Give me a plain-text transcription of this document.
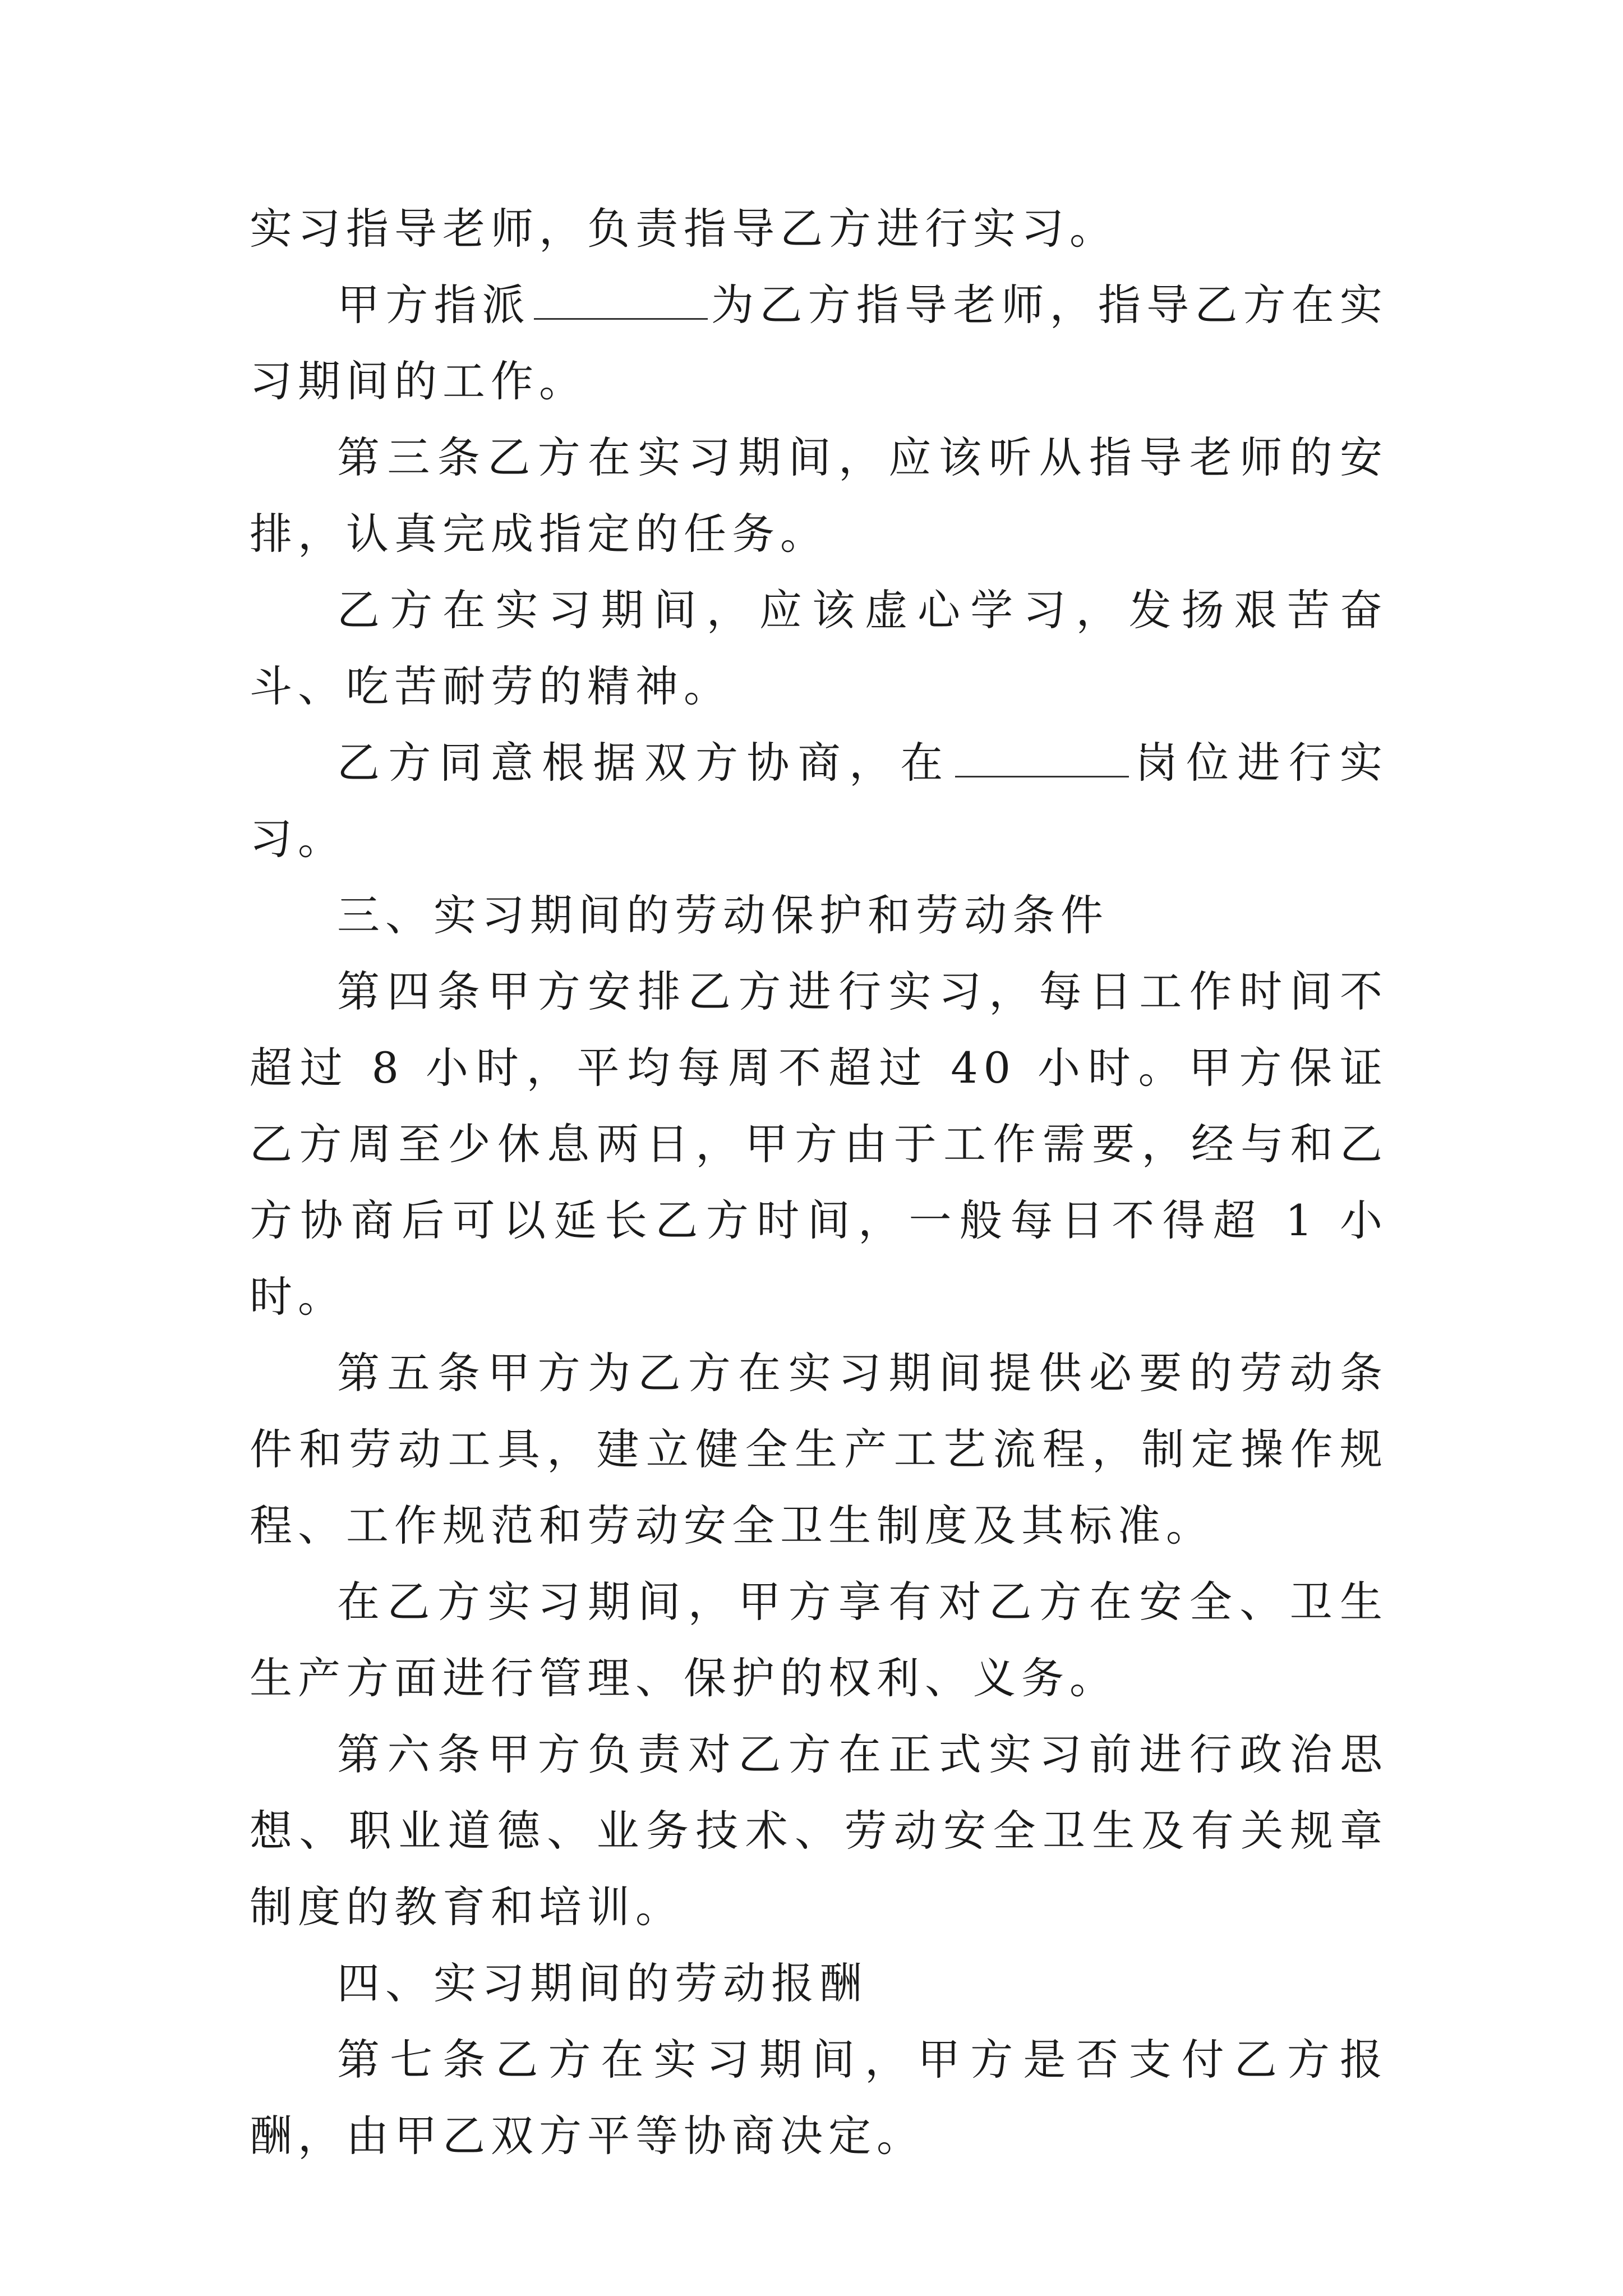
实习指导老师，负责指导乙方进行实习。

甲方指派	为乙方指导老师，指导乙方在实习期间的工作。

第三条乙方在实习期间，应该听从指导老师的安排，认真完成指定的任务。

乙方在实习期间，应该虚心学习，发扬艰苦奋斗、吃苦耐劳的精神。

乙方同意根据双方协商，在	岗位进行实习。

三、实习期间的劳动保护和劳动条件

第四条甲方安排乙方进行实习，每日工作时间不超过 8 小时，平均每周不超过 40 小时。甲方保证乙方周至少休息两日，甲方由于工作需要，经与和乙方协商后可以延长乙方时间，一般每日不得超 1 小时。

第五条甲方为乙方在实习期间提供必要的劳动条件和劳动工具，建立健全生产工艺流程，制定操作规程、工作规范和劳动安全卫生制度及其标准。

在乙方实习期间，甲方享有对乙方在安全、卫生生产方面进行管理、保护的权利、义务。

第六条甲方负责对乙方在正式实习前进行政治思想、职业道德、业务技术、劳动安全卫生及有关规章制度的教育和培训。

四、实习期间的劳动报酬

第七条乙方在实习期间，甲方是否支付乙方报酬，由甲乙双方平等协商决定。
